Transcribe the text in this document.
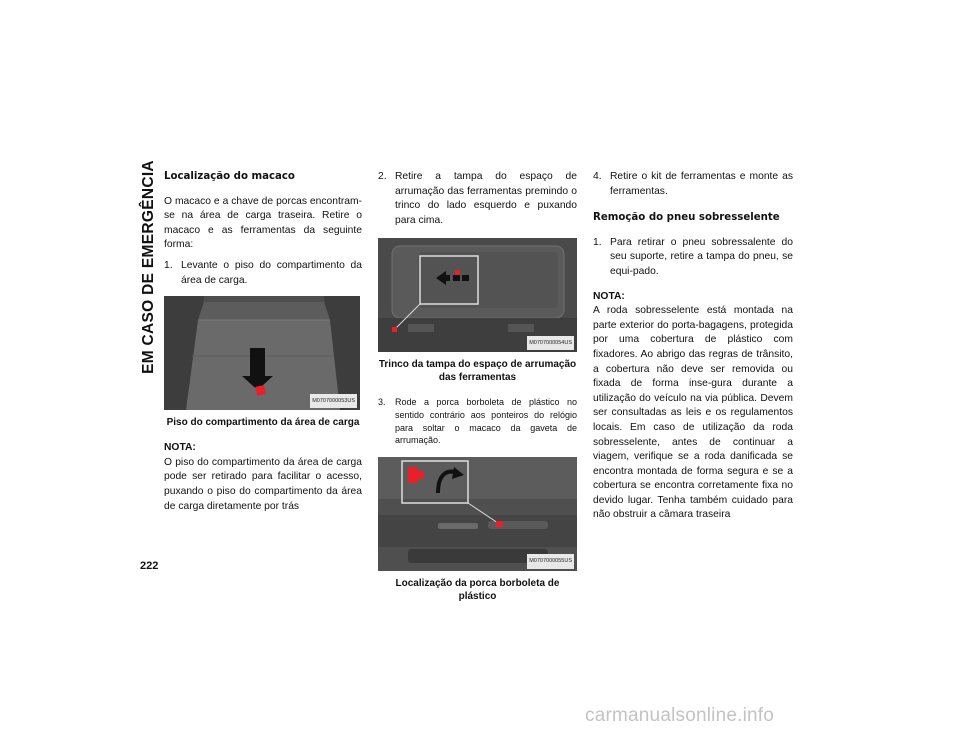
EM CASO DE EMERGÊNCIA
222
Localização do macaco

O macaco e a chave de porcas encontram-se na área de carga traseira. Retire o macaco e as ferramentas da seguinte forma:

1. Levante o piso do compartimento da área de carga.
M0707000053US
Piso do compartimento da área de carga

NOTA:

O piso do compartimento da área de carga pode ser retirado para facilitar o acesso, puxando o piso do compartimento da área de carga diretamente por trás

2. Retire a tampa do espaço de arrumação das ferramentas premindo o trinco do lado esquerdo e puxando para cima.
M0707000054US
Trinco da tampa do espaço de arrumação das ferramentas
3.	Rode a porca borboleta de plástico no sentido contrário aos ponteiros do relógio para soltar o macaco da gaveta de arrumação.
M0707000055US
Localização da porca borboleta de plástico
4. Retire o kit de ferramentas e monte as ferramentas.
Remoção do pneu sobresselente
1. Para retirar o pneu sobressalente do seu suporte, retire a tampa do pneu, se equi-pado.

NOTA:

A roda sobresselente está montada na parte exterior do porta-bagagens, protegida por uma cobertura de plástico com fixadores. Ao abrigo das regras de trânsito, a cobertura não deve ser removida ou fixada de forma inse-gura durante a utilização do veículo na via pública. Devem ser consultadas as leis e os regulamentos locais. Em caso de utilização da roda sobresselente, antes de continuar a viagem, verifique se a roda danificada se encontra montada de forma segura e se a cobertura se encontra corretamente fixa no devido lugar. Tenha também cuidado para não obstruir a câmara traseira

carmanualsonline.info
